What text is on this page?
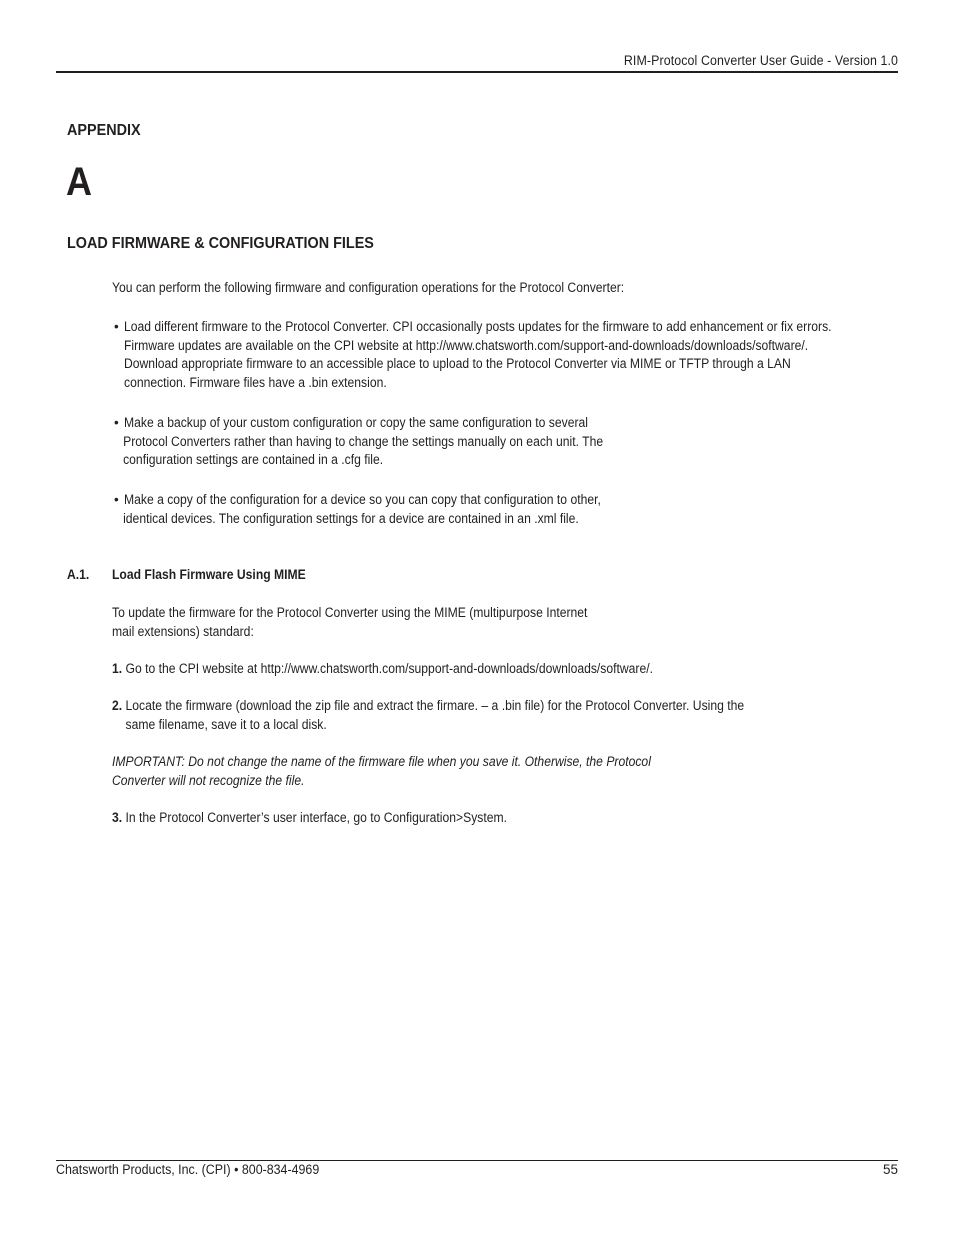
RIM-Protocol Converter User Guide - Version 1.0
APPENDIX
A
LOAD FIRMWARE & CONFIGURATION FILES
You can perform the following firmware and configuration operations for the Protocol Converter:
• Load different firmware to the Protocol Converter. CPI occasionally posts updates for the firmware to add enhancement or fix errors.
Firmware updates are available on the CPI website at http://www.chatsworth.com/support-and-downloads/downloads/software/.
Download appropriate firmware to an accessible place to upload to the Protocol Converter via MIME or TFTP through a LAN
connection. Firmware files have a .bin extension.
• Make a backup of your custom configuration or copy the same configuration to several
Protocol Converters rather than having to change the settings manually on each unit. The
configuration settings are contained in a .cfg file.
• Make a copy of the configuration for a device so you can copy that configuration to other,
identical devices. The configuration settings for a device are contained in an .xml file.
A.1. Load Flash Firmware Using MIME
To update the firmware for the Protocol Converter using the MIME (multipurpose Internet
mail extensions) standard:
1. Go to the CPI website at http://www.chatsworth.com/support-and-downloads/downloads/software/.
2. Locate the firmware (download the zip file and extract the firmare. – a .bin file) for the Protocol Converter. Using the
same filename, save it to a local disk.
IMPORTANT: Do not change the name of the firmware file when you save it. Otherwise, the Protocol
Converter will not recognize the file.
3. In the Protocol Converter’s user interface, go to Configuration>System.
Chatsworth Products, Inc. (CPI) • 800-834-4969	55
